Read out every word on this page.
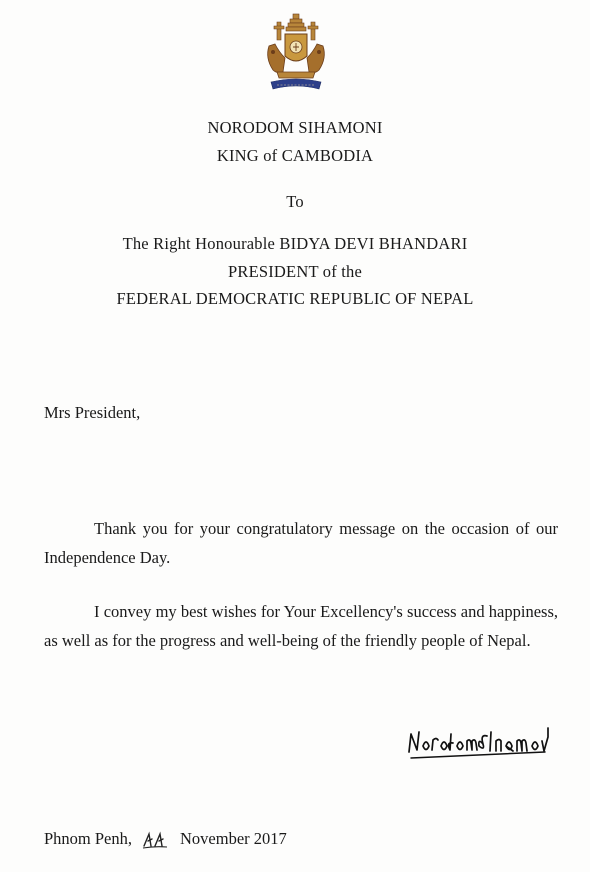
NORODOM SIHAMONI
KING of CAMBODIA
To
The Right Honourable BIDYA DEVI BHANDARI
PRESIDENT of the
FEDERAL DEMOCRATIC REPUBLIC OF NEPAL
Mrs President,
Thank you for your congratulatory message on the occasion of our Independence Day.
I convey my best wishes for Your Excellency's success and happiness, as well as for the progress and well-being of the friendly people of Nepal.
Phnom Penh,	November 2017
